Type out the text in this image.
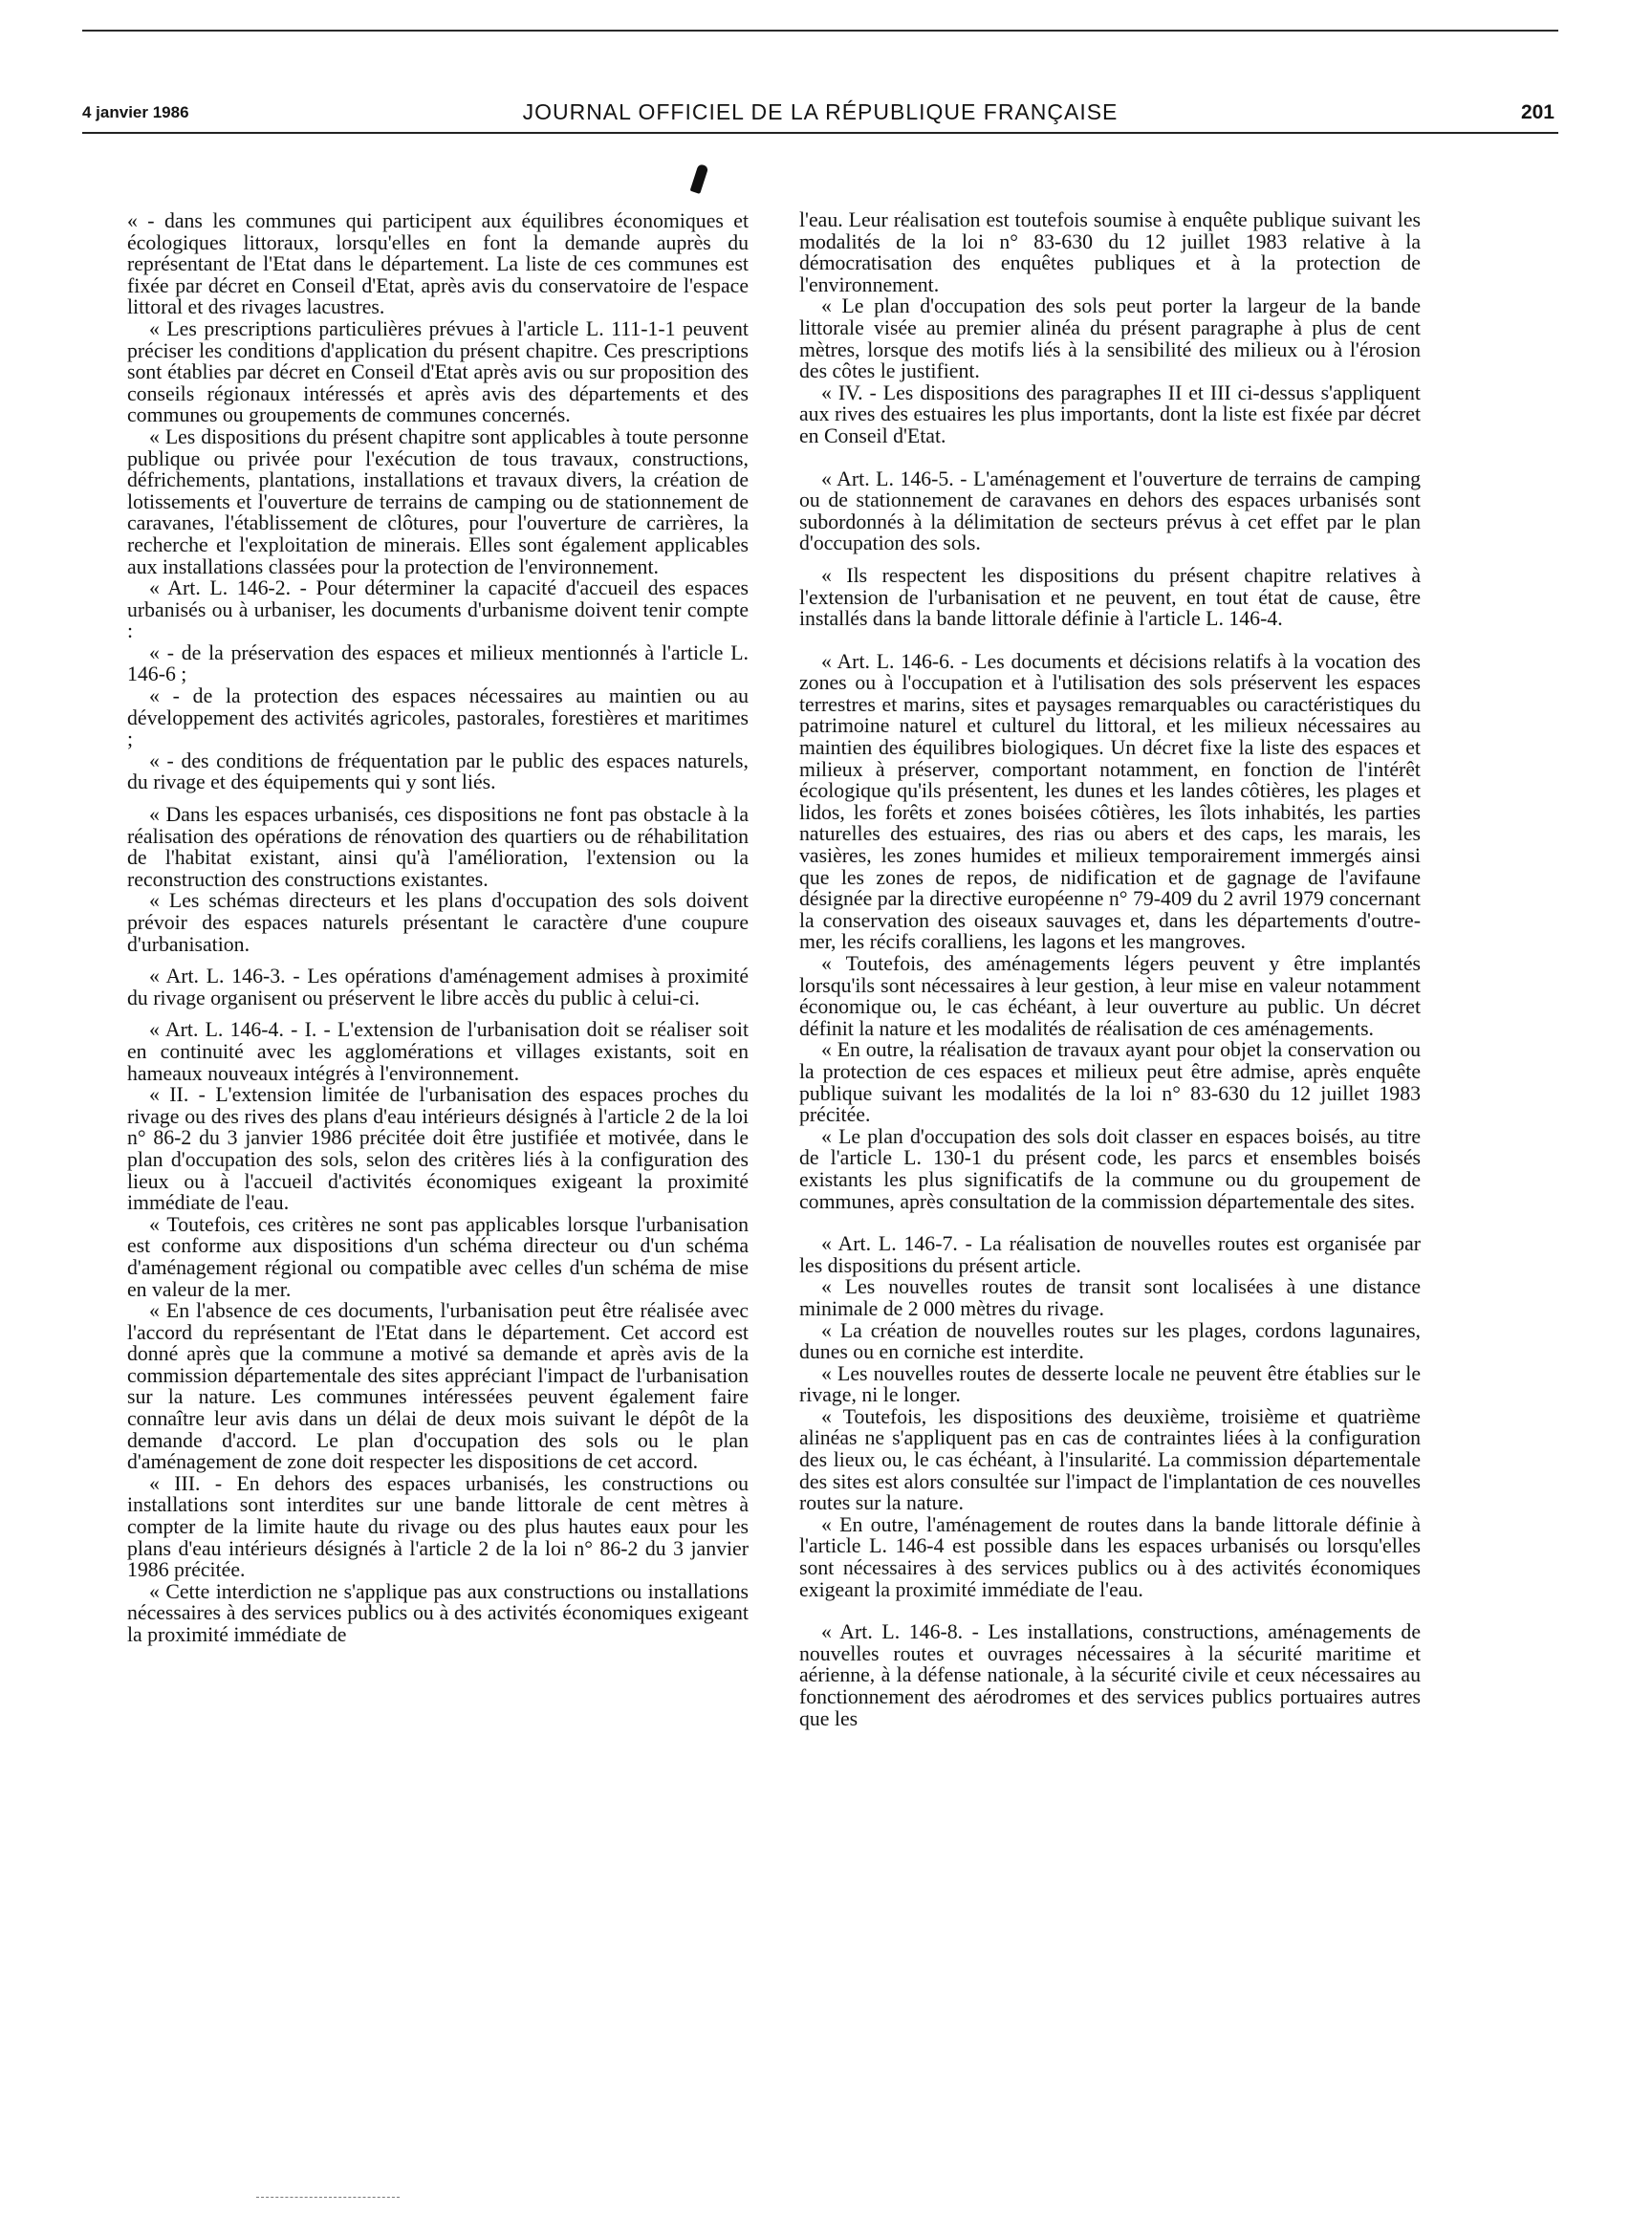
4 janvier 1986	JOURNAL OFFICIEL DE LA RÉPUBLIQUE FRANÇAISE	201

« - dans les communes qui participent aux équilibres économiques et écologiques littoraux, lorsqu'elles en font la demande auprès du représentant de l'Etat dans le département. La liste de ces communes est fixée par décret en Conseil d'Etat, après avis du conservatoire de l'espace littoral et des rivages lacustres.

« Les prescriptions particulières prévues à l'article L. 111-1-1 peuvent préciser les conditions d'application du présent chapitre. Ces prescriptions sont établies par décret en Conseil d'Etat après avis ou sur proposition des conseils régionaux intéressés et après avis des départements et des communes ou groupements de communes concernés.

« Les dispositions du présent chapitre sont applicables à toute personne publique ou privée pour l'exécution de tous travaux, constructions, défrichements, plantations, installations et travaux divers, la création de lotissements et l'ouverture de terrains de camping ou de stationnement de caravanes, l'établissement de clôtures, pour l'ouverture de carrières, la recherche et l'exploitation de minerais. Elles sont également applicables aux installations classées pour la protection de l'environnement.

« Art. L. 146-2. - Pour déterminer la capacité d'accueil des espaces urbanisés ou à urbaniser, les documents d'urbanisme doivent tenir compte :

« - de la préservation des espaces et milieux mentionnés à l'article L. 146-6 ;

« - de la protection des espaces nécessaires au maintien ou au développement des activités agricoles, pastorales, forestières et maritimes ;

« - des conditions de fréquentation par le public des espaces naturels, du rivage et des équipements qui y sont liés.

« Dans les espaces urbanisés, ces dispositions ne font pas obstacle à la réalisation des opérations de rénovation des quartiers ou de réhabilitation de l'habitat existant, ainsi qu'à l'amélioration, l'extension ou la reconstruction des constructions existantes.

« Les schémas directeurs et les plans d'occupation des sols doivent prévoir des espaces naturels présentant le caractère d'une coupure d'urbanisation.

« Art. L. 146-3. - Les opérations d'aménagement admises à proximité du rivage organisent ou préservent le libre accès du public à celui-ci.

« Art. L. 146-4. - I. - L'extension de l'urbanisation doit se réaliser soit en continuité avec les agglomérations et villages existants, soit en hameaux nouveaux intégrés à l'environnement.

« II. - L'extension limitée de l'urbanisation des espaces proches du rivage ou des rives des plans d'eau intérieurs désignés à l'article 2 de la loi n° 86-2 du 3 janvier 1986 précitée doit être justifiée et motivée, dans le plan d'occupation des sols, selon des critères liés à la configuration des lieux ou à l'accueil d'activités économiques exigeant la proximité immédiate de l'eau.

« Toutefois, ces critères ne sont pas applicables lorsque l'urbanisation est conforme aux dispositions d'un schéma directeur ou d'un schéma d'aménagement régional ou compatible avec celles d'un schéma de mise en valeur de la mer.

« En l'absence de ces documents, l'urbanisation peut être réalisée avec l'accord du représentant de l'Etat dans le département. Cet accord est donné après que la commune a motivé sa demande et après avis de la commission départementale des sites appréciant l'impact de l'urbanisation sur la nature. Les communes intéressées peuvent également faire connaître leur avis dans un délai de deux mois suivant le dépôt de la demande d'accord. Le plan d'occupation des sols ou le plan d'aménagement de zone doit respecter les dispositions de cet accord.

« III. - En dehors des espaces urbanisés, les constructions ou installations sont interdites sur une bande littorale de cent mètres à compter de la limite haute du rivage ou des plus hautes eaux pour les plans d'eau intérieurs désignés à l'article 2 de la loi n° 86-2 du 3 janvier 1986 précitée.

« Cette interdiction ne s'applique pas aux constructions ou installations nécessaires à des services publics ou à des activités économiques exigeant la proximité immédiate de

l'eau. Leur réalisation est toutefois soumise à enquête publique suivant les modalités de la loi n° 83-630 du 12 juillet 1983 relative à la démocratisation des enquêtes publiques et à la protection de l'environnement.

« Le plan d'occupation des sols peut porter la largeur de la bande littorale visée au premier alinéa du présent paragraphe à plus de cent mètres, lorsque des motifs liés à la sensibilité des milieux ou à l'érosion des côtes le justifient.

« IV. - Les dispositions des paragraphes II et III ci-dessus s'appliquent aux rives des estuaires les plus importants, dont la liste est fixée par décret en Conseil d'Etat.

« Art. L. 146-5. - L'aménagement et l'ouverture de terrains de camping ou de stationnement de caravanes en dehors des espaces urbanisés sont subordonnés à la délimitation de secteurs prévus à cet effet par le plan d'occupation des sols.

« Ils respectent les dispositions du présent chapitre relatives à l'extension de l'urbanisation et ne peuvent, en tout état de cause, être installés dans la bande littorale définie à l'article L. 146-4.

« Art. L. 146-6. - Les documents et décisions relatifs à la vocation des zones ou à l'occupation et à l'utilisation des sols préservent les espaces terrestres et marins, sites et paysages remarquables ou caractéristiques du patrimoine naturel et culturel du littoral, et les milieux nécessaires au maintien des équilibres biologiques. Un décret fixe la liste des espaces et milieux à préserver, comportant notamment, en fonction de l'intérêt écologique qu'ils présentent, les dunes et les landes côtières, les plages et lidos, les forêts et zones boisées côtières, les îlots inhabités, les parties naturelles des estuaires, des rias ou abers et des caps, les marais, les vasières, les zones humides et milieux temporairement immergés ainsi que les zones de repos, de nidification et de gagnage de l'avifaune désignée par la directive européenne n° 79-409 du 2 avril 1979 concernant la conservation des oiseaux sauvages et, dans les départements d'outre-mer, les récifs coralliens, les lagons et les mangroves.

« Toutefois, des aménagements légers peuvent y être implantés lorsqu'ils sont nécessaires à leur gestion, à leur mise en valeur notamment économique ou, le cas échéant, à leur ouverture au public. Un décret définit la nature et les modalités de réalisation de ces aménagements.

« En outre, la réalisation de travaux ayant pour objet la conservation ou la protection de ces espaces et milieux peut être admise, après enquête publique suivant les modalités de la loi n° 83-630 du 12 juillet 1983 précitée.

« Le plan d'occupation des sols doit classer en espaces boisés, au titre de l'article L. 130-1 du présent code, les parcs et ensembles boisés existants les plus significatifs de la commune ou du groupement de communes, après consultation de la commission départementale des sites.

« Art. L. 146-7. - La réalisation de nouvelles routes est organisée par les dispositions du présent article.

« Les nouvelles routes de transit sont localisées à une distance minimale de 2 000 mètres du rivage.

« La création de nouvelles routes sur les plages, cordons lagunaires, dunes ou en corniche est interdite.

« Les nouvelles routes de desserte locale ne peuvent être établies sur le rivage, ni le longer.

« Toutefois, les dispositions des deuxième, troisième et quatrième alinéas ne s'appliquent pas en cas de contraintes liées à la configuration des lieux ou, le cas échéant, à l'insularité. La commission départementale des sites est alors consultée sur l'impact de l'implantation de ces nouvelles routes sur la nature.

« En outre, l'aménagement de routes dans la bande littorale définie à l'article L. 146-4 est possible dans les espaces urbanisés ou lorsqu'elles sont nécessaires à des services publics ou à des activités économiques exigeant la proximité immédiate de l'eau.

« Art. L. 146-8. - Les installations, constructions, aménagements de nouvelles routes et ouvrages nécessaires à la sécurité maritime et aérienne, à la défense nationale, à la sécurité civile et ceux nécessaires au fonctionnement des aérodromes et des services publics portuaires autres que les
